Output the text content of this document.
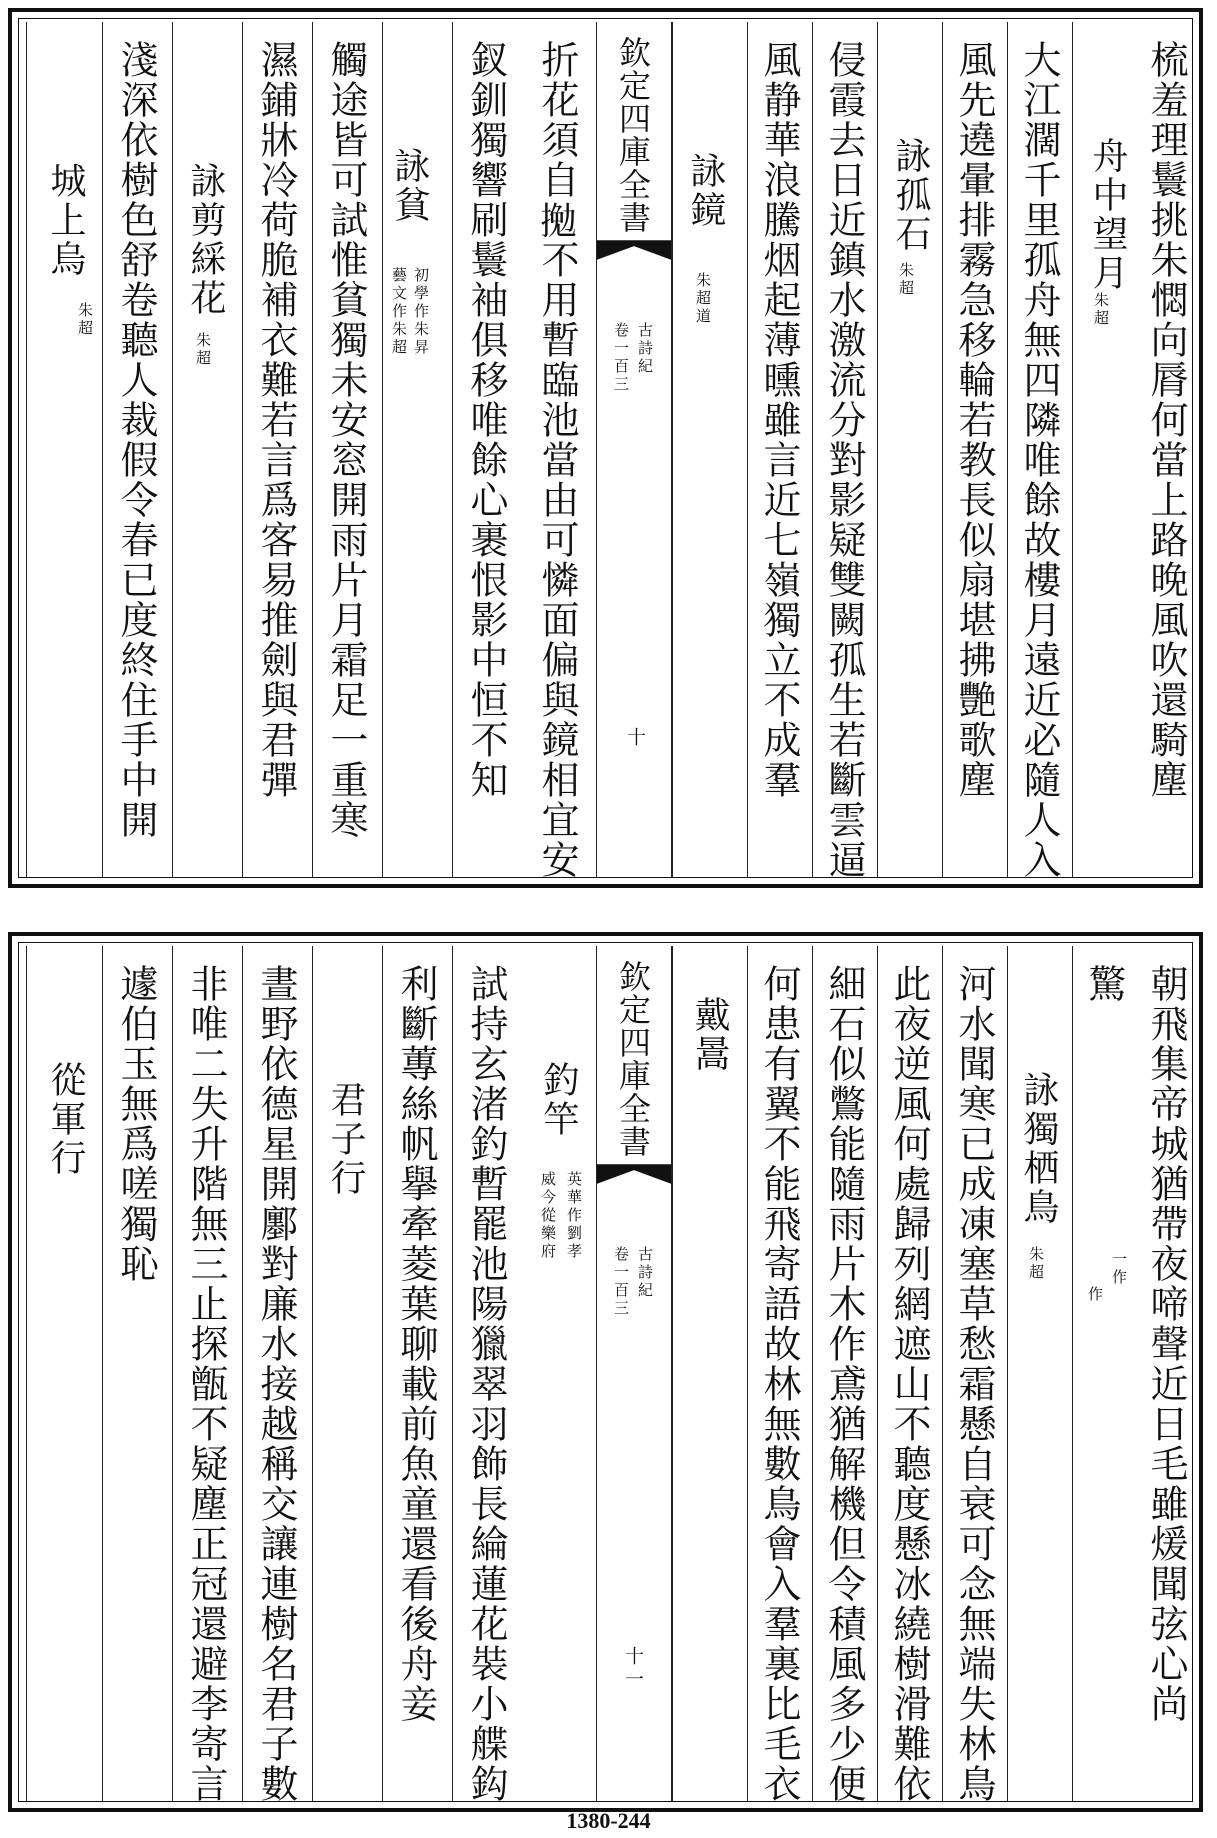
梳羞理鬟挑朱㦖向脣何當上路晚風吹還騎塵
舟中望月
朱超
大江濶千里孤舟無四隣唯餘故樓月遠近必隨人入
風先遶暈排霧急移輪若教長似扇堪拂艷歌塵
詠孤石
朱超
侵霞去日近鎮水激流分對影疑雙闕孤生若斷雲逼
風静華浪騰烟起薄曛雖言近七嶺獨立不成羣
詠鏡
朱超道
欽定四庫全書
古詩紀
卷一百三
十
折花須自𢱍不用暫臨池當由可憐面偏與鏡相宜安
釵釧獨響刷鬟袖俱移唯餘心裹恨影中恒不知
詠貧
初學作朱昇
藝文作朱超
觸途皆可試惟貧獨未安窓開雨片月霜足一重寒
濕鋪牀冷荷脆補衣難若言爲客易推劍與君彈
詠剪綵花
朱超
淺深依樹色舒卷聽人裁假令春已度終住手中開
城上烏
朱超
朝飛集帝城猶帶夜啼聲近日毛雖煖聞弦心尚
驚
一作
作
詠獨栖鳥
朱超
河水聞寒已成凍塞草愁霜懸自衰可念無端失林鳥
此夜逆風何處歸列網遮山不聽度懸冰繞樹滑難依
細石似鷩能隨雨片木作鳶猶解機但令積風多少便
何患有翼不能飛寄語故林無數鳥會入羣裏比毛衣
戴暠
欽定四庫全書
古詩紀
卷一百三
十一
釣竿
英華作劉孝
威今從樂府
試持玄渚釣暫罷池陽獵翠羽飾長綸蓮花裝小艓鈎
利斷蓴絲帆擧牽菱葉聊載前魚童還看後舟妾
君子行
晝野依德星開鄽對廉水接越稱交讓連樹名君子數
非唯二失升階無三止探甑不疑塵正冠還避李寄言
遽伯玉無爲嗟獨恥
從軍行
1380-244
